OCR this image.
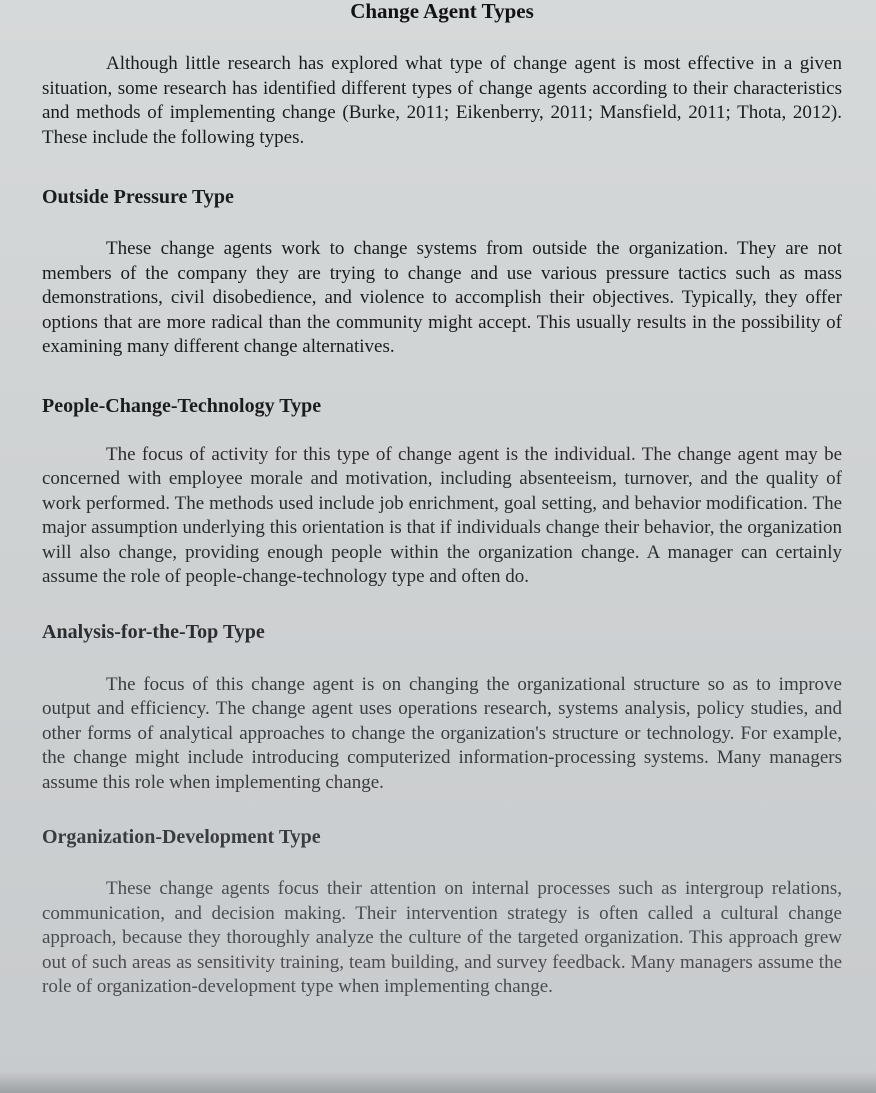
Change Agent Types

Although little research has explored what type of change agent is most effective in a given situation, some research has identified different types of change agents according to their characteristics and methods of implementing change (Burke, 2011; Eikenberry, 2011; Mansfield, 2011; Thota, 2012). These include the following types.

Outside Pressure Type

These change agents work to change systems from outside the organization. They are not members of the company they are trying to change and use various pressure tactics such as mass demonstrations, civil disobedience, and violence to accomplish their objectives. Typically, they offer options that are more radical than the community might accept. This usually results in the possibility of examining many different change alternatives.

People-Change-Technology Type

The focus of activity for this type of change agent is the individual. The change agent may be concerned with employee morale and motivation, including absenteeism, turnover, and the quality of work performed. The methods used include job enrichment, goal setting, and behavior modification. The major assumption underlying this orientation is that if individuals change their behavior, the organization will also change, providing enough people within the organization change. A manager can certainly assume the role of people-change-technology type and often do.

Analysis-for-the-Top Type

The focus of this change agent is on changing the organizational structure so as to improve output and efficiency. The change agent uses operations research, systems analysis, policy studies, and other forms of analytical approaches to change the organization's structure or technology. For example, the change might include introducing computerized information-processing systems. Many managers assume this role when implementing change.

Organization-Development Type

These change agents focus their attention on internal processes such as intergroup relations, communication, and decision making. Their intervention strategy is often called a cultural change approach, because they thoroughly analyze the culture of the targeted organization. This approach grew out of such areas as sensitivity training, team building, and survey feedback. Many managers assume the role of organization-development type when implementing change.
